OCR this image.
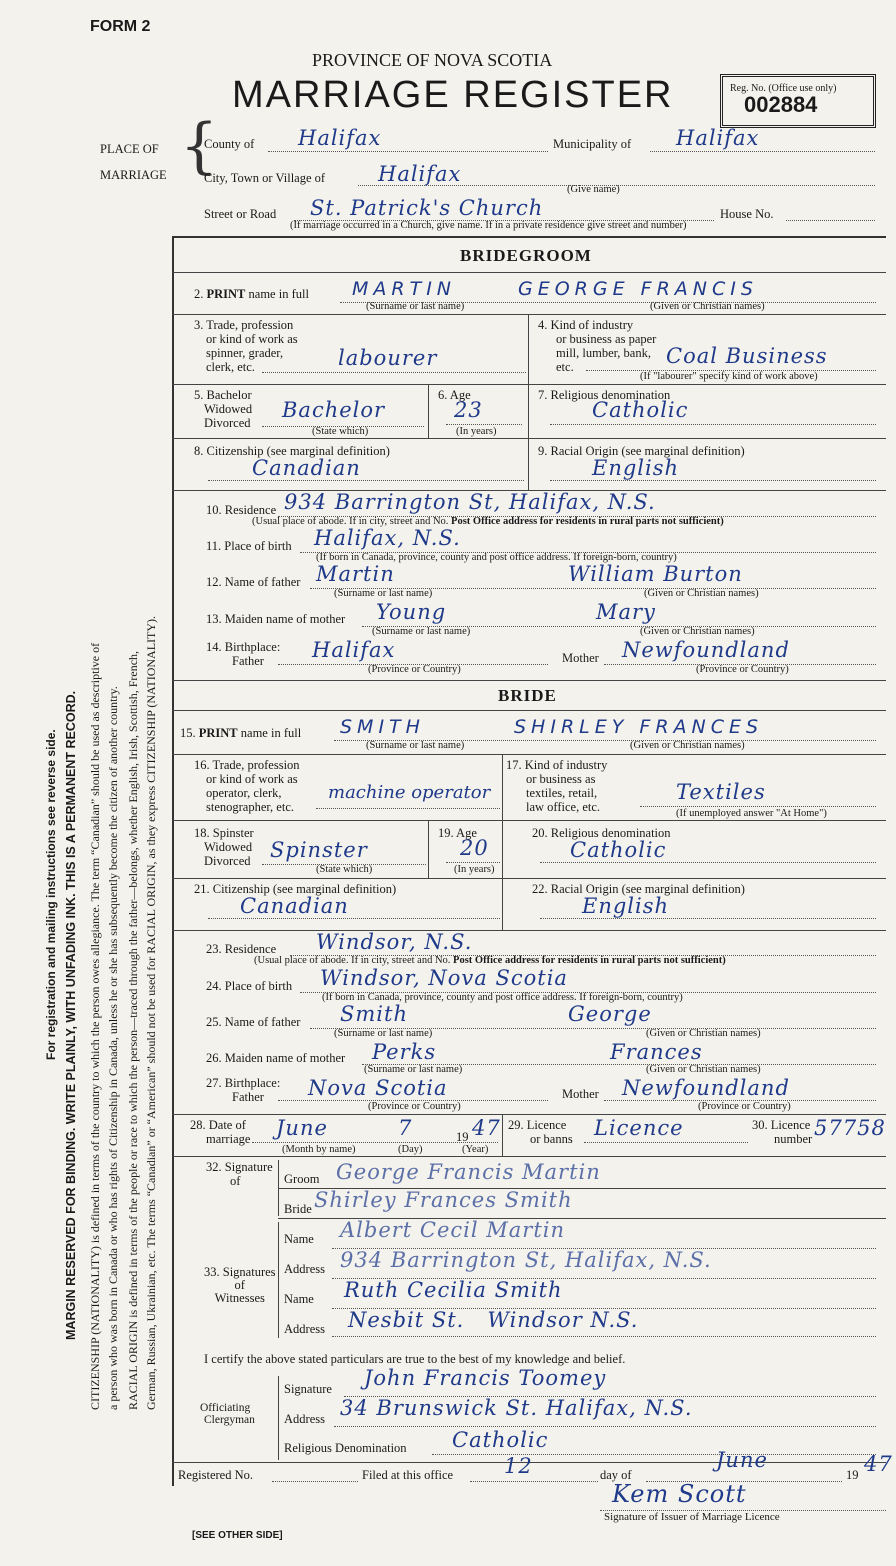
FORM 2
PROVINCE OF NOVA SCOTIA
MARRIAGE REGISTER	Reg. No. (Office use only)
002884
For registration and mailing instructions see reverse side. MARGIN RESERVED FOR BINDING. WRITE PLAINLY, WITH UNFADING INK. THIS IS A PERMANENT RECORD. CITIZENSHIP (NATIONALITY) is defined in terms of the country to which the person owes allegiance. The term “Canadian” should be used as descriptive of a person who was born in Canada or who has rights of Citizenship in Canada, unless he or she has subsequently become the citizen of another country. RACIAL ORIGIN is defined in terms of the people or race to which the person—traced through the father—belongs, whether English, Irish, Scottish, French, German, Russian, Ukrainian, etc. The terms “Canadian” or “American” should not be used for RACIAL ORIGIN, as they express CITIZENSHIP (NATIONALITY).
PLACE OF
MARRIAGE {
County of Halifax	Municipality of Halifax
City, Town or Village of	Halifax
(Give name)
Street or Road St. Patrick's Church	House No.
(If marriage occurred in a Church, give name. If in a private residence give street and number)
BRIDEGROOM
2. PRINT name in full MARTIN	GEORGE FRANCIS
(Surname or last name)	(Given or Christian names)
3. Trade, profession
or kind of work as
spinner, grader,
clerk, etc.	labourer
4. Kind of industry
or business as paper
mill, lumber, bank,
etc.	Coal Business
(If "labourer" specify kind of work above)
5. Bachelor
Widowed
Divorced
Bachelor
(State which)
6. Age
23
(In years)
7. Religious denomination
Catholic
8. Citizenship (see marginal definition)
Canadian
9. Racial Origin (see marginal definition)
English
10. Residence 934 Barrington St, Halifax, N.S.
(Usual place of abode. If in city, street and No. Post Office address for residents in rural parts not sufficient)
11. Place of birth Halifax, N.S.
(If born in Canada, province, county and post office address. If foreign-born, country)
12. Name of father Martin	William Burton
(Surname or last name)	(Given or Christian names)
13. Maiden name of mother Young	Mary
(Surname or last name)	(Given or Christian names)
14. Birthplace:
Father	Halifax	Mother Newfoundland
(Province or Country)	(Province or Country)
BRIDE
15. PRINT name in full SMITH	SHIRLEY FRANCES
(Surname or last name)	(Given or Christian names)
16. Trade, profession
or kind of work as
operator, clerk,
stenographer, etc.
machine operator
17. Kind of industry
or business as
textiles, retail,
law office, etc.
Textiles
(If unemployed answer "At Home")
18. Spinster
Widowed
Divorced Spinster
(State which)
19. Age
20
(In years)
20. Religious denomination
Catholic
21. Citizenship (see marginal definition)
Canadian
22. Racial Origin (see marginal definition)
English
23. Residence Windsor, N.S.
(Usual place of abode. If in city, street and No. Post Office address for residents in rural parts not sufficient)
24. Place of birth Windsor, Nova Scotia
(If born in Canada, province, county and post office address. If foreign-born, country)
25. Name of father Smith	George
(Surname or last name)	(Given or Christian names)
26. Maiden name of mother Perks	Frances
(Surname or last name)	(Given or Christian names)
27. Birthplace:
Father	Nova Scotia	Mother Newfoundland
(Province or Country)	(Province or Country)
28. Date of
marriage June	7	19 47
(Month by name)	(Day)	(Year)
29. Licence
or banns Licence	30. Licence
number 57758
32. Signature
of	Groom George Francis Martin
Bride Shirley Frances Smith
33. Signatures
of
Witnesses
Name Albert Cecil Martin
Address 934 Barrington St, Halifax, N.S.
Name Ruth Cecilia Smith
Address Nesbit St.   Windsor N.S.
I certify the above stated particulars are true to the best of my knowledge and belief.
Officiating
Clergyman
Signature John Francis Toomey
Address 34 Brunswick St. Halifax, N.S.
Religious Denomination Catholic
Registered No.	Filed at this office 12	day of
June
19 47
Kem Scott
Signature of Issuer of Marriage Licence
[SEE OTHER SIDE]
